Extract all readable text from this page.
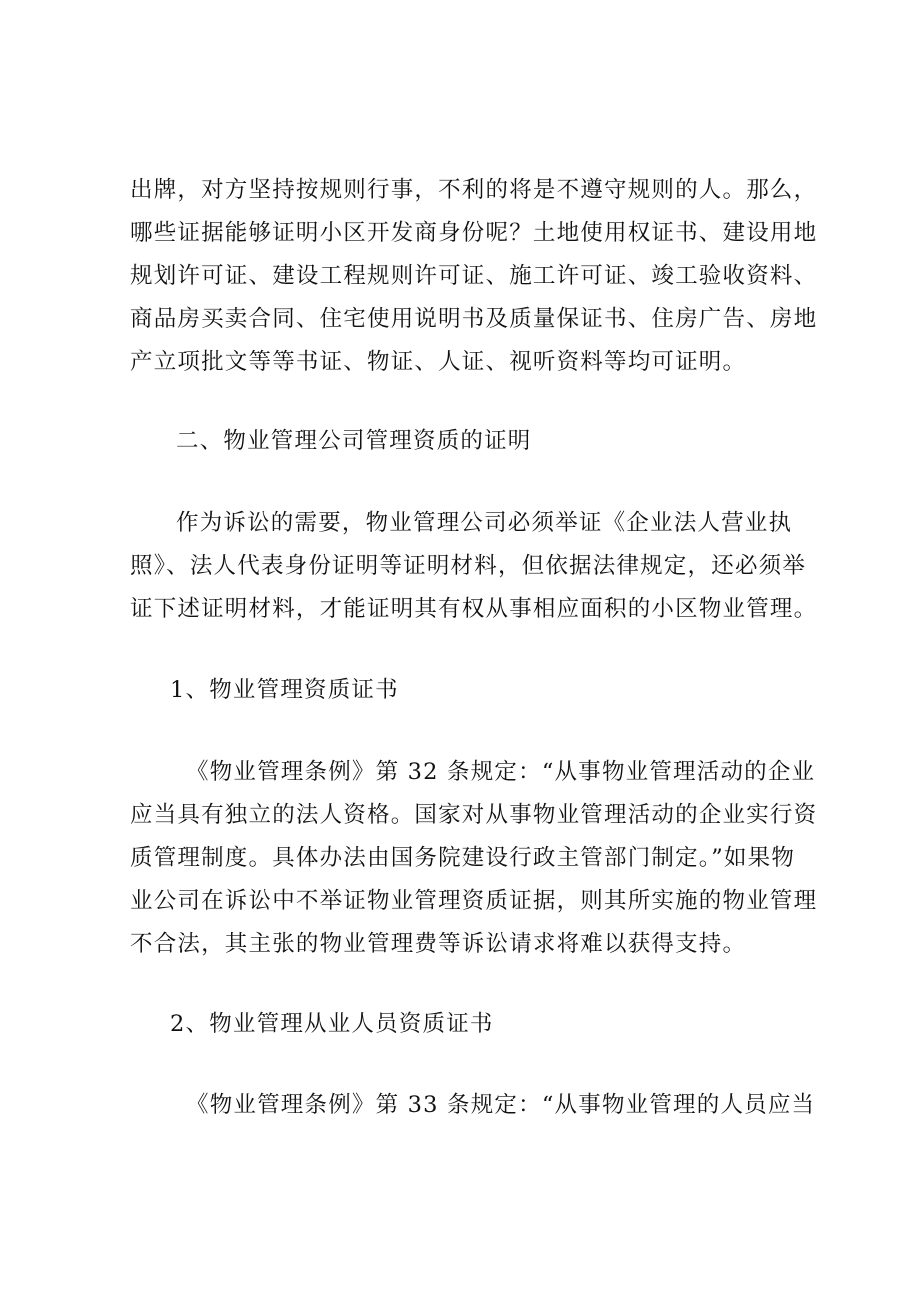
出牌，对方坚持按规则行事，不利的将是不遵守规则的人。那么，
哪些证据能够证明小区开发商身份呢？土地使用权证书、建设用地
规划许可证、建设工程规则许可证、施工许可证、竣工验收资料、
商品房买卖合同、住宅使用说明书及质量保证书、住房广告、房地
产立项批文等等书证、物证、人证、视听资料等均可证明。
二、物业管理公司管理资质的证明
作为诉讼的需要，物业管理公司必须举证《企业法人营业执
照》、法人代表身份证明等证明材料，但依据法律规定，还必须举
证下述证明材料，才能证明其有权从事相应面积的小区物业管理。
1、物业管理资质证书
《物业管理条例》第 32 条规定：“从事物业管理活动的企业
应当具有独立的法人资格。国家对从事物业管理活动的企业实行资
质管理制度。具体办法由国务院建设行政主管部门制定。”如果物
业公司在诉讼中不举证物业管理资质证据，则其所实施的物业管理
不合法，其主张的物业管理费等诉讼请求将难以获得支持。
2、物业管理从业人员资质证书
《物业管理条例》第 33 条规定：“从事物业管理的人员应当
